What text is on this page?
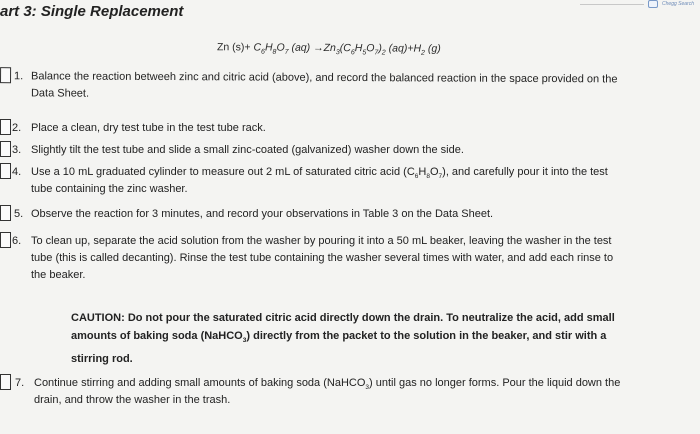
art 3: Single Replacement	Chegg Search
Zn $(s)+ C_6H_8O_7$ $(aq) \to Zn_3(C_6H_5O_7)_2$ $(aq)+H_2$ (g)
1. Balance the reaction betweeh zinc and citric acid (above), and record the balanced reaction in the space provided on the
Data Sheet.
2. Place a clean, dry test tube in the test tube rack.
3. Slightly tilt the test tube and slide a small zinc-coated (galvanized) washer down the side.
4. Use a 10 mL graduated cylinder to measure out 2 mL of saturated citric acid $(C_6H_8O_7)$, and carefully pour it into the test
tube containing the zinc washer.
5. Observe the reaction for 3 minutes, and record your observations in Table 3 on the Data Sheet.
6. To clean up, separate the acid solution from the washer by pouring it into a 50 mL beaker, leaving the washer in the test
tube (this is called decanting). Rinse the test tube containing the washer several times with water, and add each rinse to
the beaker.
CAUTION: Do not pour the saturated citric acid directly down the drain. To neutralize the acid, add small
amounts of baking soda (NaHCO$_3$) directly from the packet to the solution in the beaker, and stir with a
stirring rod.
7. Continue stirring and adding small amounts of baking soda (NaHCO$_3$) until gas no longer forms. Pour the liquid down the
drain, and throw the washer in the trash.
